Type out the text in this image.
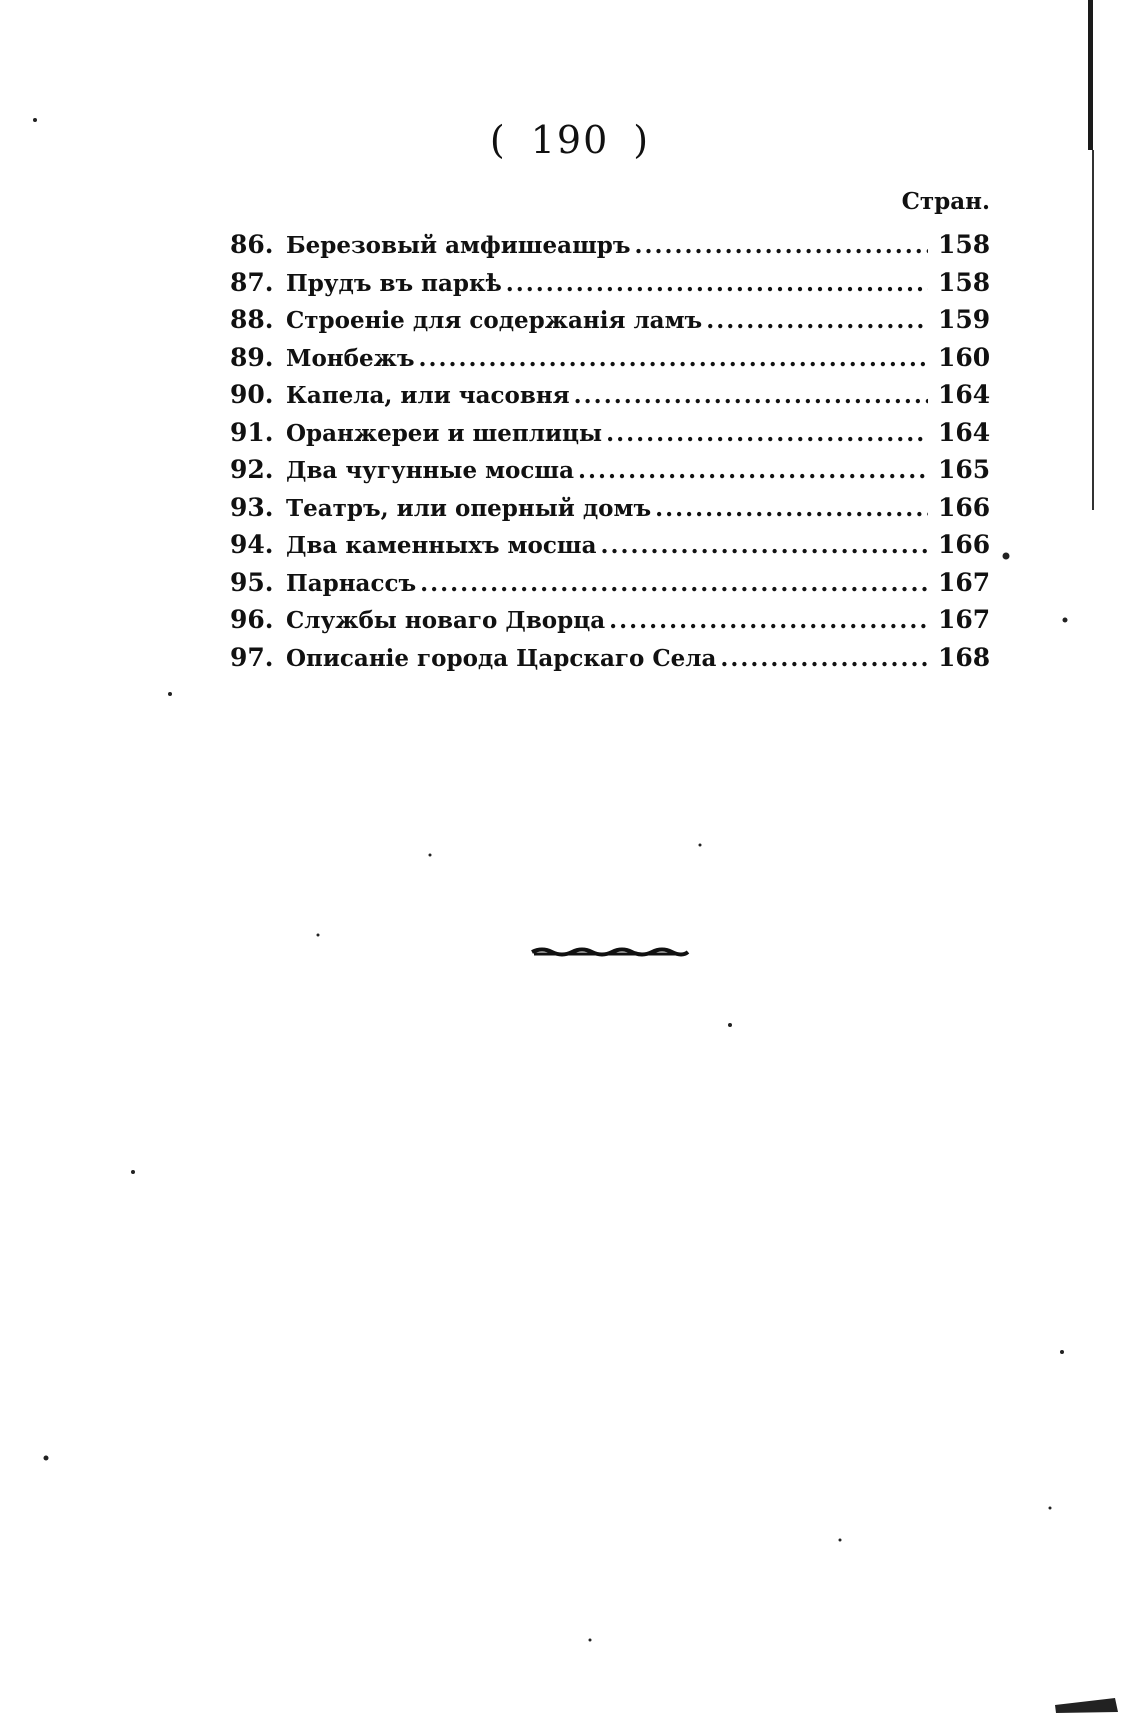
( 190 )
Стран.
86. Березовый амфишеашръ .....	158
87. Прудъ въ паркѣ .....	158
88. Строеніе для содержанія ламъ .....	159
89. Монбежъ .....	160
90. Капела, или часовня .....	164
91. Оранжереи и шеплицы .....	164
92. Два чугунные мосша .....	165
93. Театръ, или оперный домъ .....	166
94. Два каменныхъ мосша .....	166
95. Парнассъ .....	167
96. Службы новаго Дворца .....	167
97. Описаніе города Царскаго Села .....	168
